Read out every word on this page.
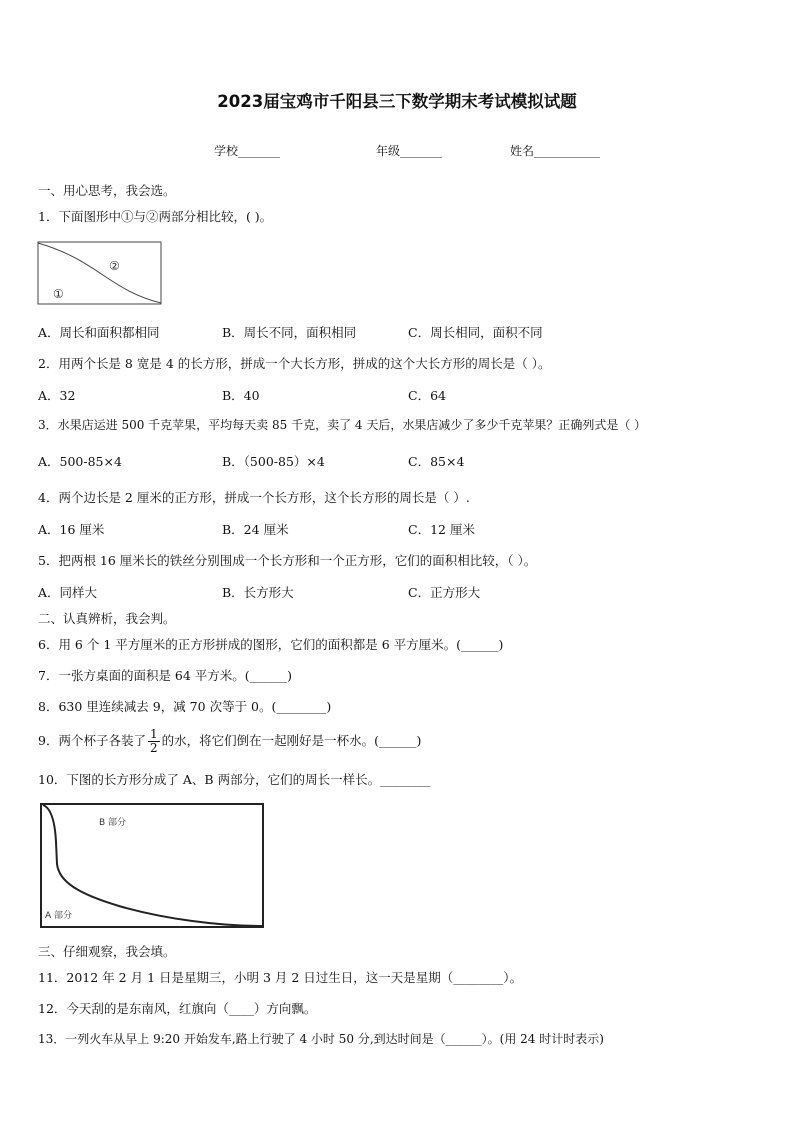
2023届宝鸡市千阳县三下数学期末考试模拟试题
学校_______	年级_______	姓名___________
一、用心思考，我会选。
1．下面图形中①与②两部分相比较，( )。
②
①
A．周长和面积都相同	B．周长不同，面积相同	C．周长相同，面积不同
2．用两个长是 8 宽是 4 的长方形，拼成一个大长方形，拼成的这个大长方形的周长是（ ）。
A．32	B．40	C．64
3．水果店运进 500 千克苹果，平均每天卖 85 千克，卖了 4 天后，水果店减少了多少千克苹果？正确列式是（ ）
A．500-85×4	B．（500-85）×4	C．85×4
4．两个边长是 2 厘米的正方形，拼成一个长方形，这个长方形的周长是（ ）.
A．16 厘米	B．24 厘米	C．12 厘米
5．把两根 16 厘米长的铁丝分别围成一个长方形和一个正方形，它们的面积相比较，（ ）。
A．同样大	B．长方形大	C．正方形大
二、认真辨析，我会判。
6．用 6 个 1 平方厘米的正方形拼成的图形，它们的面积都是 6 平方厘米。(______)
7．一张方桌面的面积是 64 平方米。(______)
8．630 里连续减去 9，减 70 次等于 0。(________)
9．两个杯子各装了 $\frac{1}{2}$ 的水，将它们倒在一起刚好是一杯水。(______)
10．下图的长方形分成了 A、B 两部分，它们的周长一样长。________
B 部分
A 部分
三、仔细观察，我会填。
11．2012 年 2 月 1 日是星期三，小明 3 月 2 日过生日，这一天是星期（________）。
12．今天刮的是东南风，红旗向（____）方向飘。
13．一列火车从早上 9:20 开始发车,路上行驶了 4 小时 50 分,到达时间是（______）。(用 24 时计时表示)
